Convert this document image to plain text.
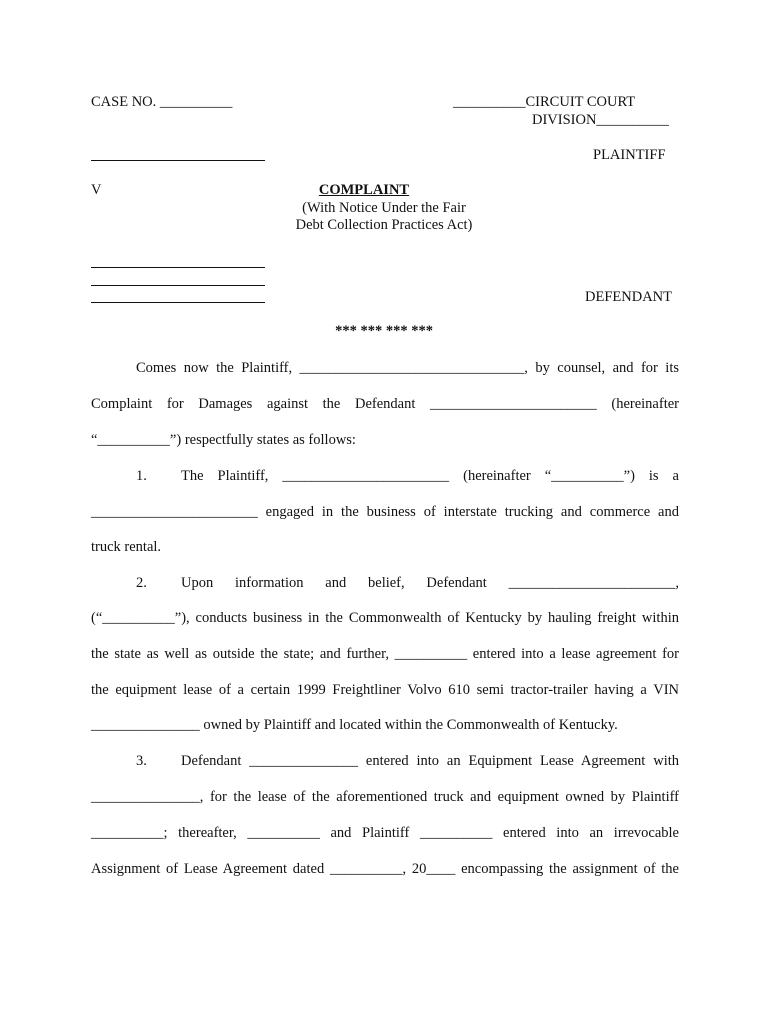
CASE NO. __________	__________CIRCUIT COURT
DIVISION__________
PLAINTIFF
V	COMPLAINT
(With Notice Under the Fair
Debt Collection Practices Act)
DEFENDANT
*** *** *** ***
Comes now the Plaintiff, _______________________________, by counsel, and for its
Complaint for Damages against the Defendant _______________________ (hereinafter
“__________”) respectfully states as follows:
1. The Plaintiff, _______________________ (hereinafter “__________”) is a
_______________________ engaged in the business of interstate trucking and commerce and
truck rental.
2. Upon information and belief, Defendant _______________________,
(“__________”), conducts business in the Commonwealth of Kentucky by hauling freight within
the state as well as outside the state; and further, __________ entered into a lease agreement for
the equipment lease of a certain 1999 Freightliner Volvo 610 semi tractor-trailer having a VIN
_______________ owned by Plaintiff and located within the Commonwealth of Kentucky.
3. Defendant _______________ entered into an Equipment Lease Agreement with
_______________, for the lease of the aforementioned truck and equipment owned by Plaintiff
__________; thereafter, __________ and Plaintiff __________ entered into an irrevocable
Assignment of Lease Agreement dated __________, 20____ encompassing the assignment of the
